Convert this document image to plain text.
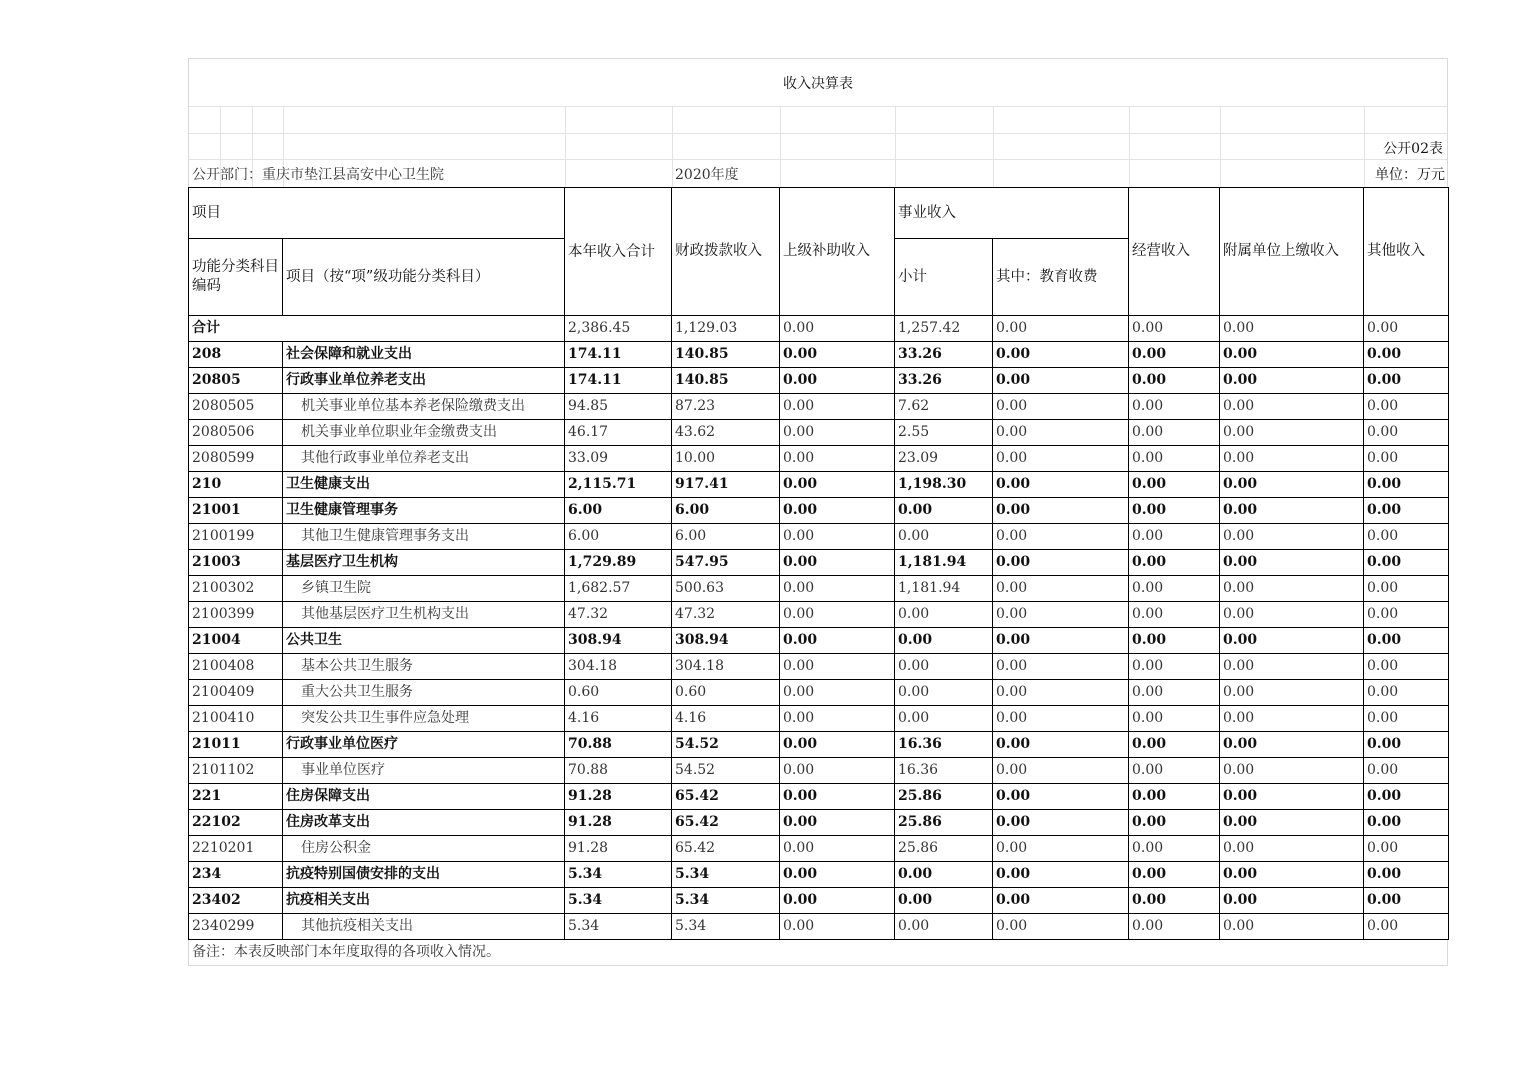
收入决算表
公开02表
公开部门：重庆市垫江县高安中心卫生院	2020年度	单位：万元
项目		本年收入合计	财政拨款收入	上级补助收入	事业收入		经营收入	附属单位上缴收入	其他收入
功能分类科目编码	项目（按“项”级功能分类科目）							
					小计	其中：教育收费			
合计		2,386.45	1,129.03	0.00	1,257.42	0.00	0.00	0.00	0.00
208	社会保障和就业支出	174.11	140.85	0.00	33.26	0.00	0.00	0.00	0.00
20805	行政事业单位养老支出	174.11	140.85	0.00	33.26	0.00	0.00	0.00	0.00
2080505	机关事业单位基本养老保险缴费支出	94.85	87.23	0.00	7.62	0.00	0.00	0.00	0.00
2080506	机关事业单位职业年金缴费支出	46.17	43.62	0.00	2.55	0.00	0.00	0.00	0.00
2080599	其他行政事业单位养老支出	33.09	10.00	0.00	23.09	0.00	0.00	0.00	0.00
210	卫生健康支出	2,115.71	917.41	0.00	1,198.30	0.00	0.00	0.00	0.00
21001	卫生健康管理事务	6.00	6.00	0.00	0.00	0.00	0.00	0.00	0.00
2100199	其他卫生健康管理事务支出	6.00	6.00	0.00	0.00	0.00	0.00	0.00	0.00
21003	基层医疗卫生机构	1,729.89	547.95	0.00	1,181.94	0.00	0.00	0.00	0.00
2100302	乡镇卫生院	1,682.57	500.63	0.00	1,181.94	0.00	0.00	0.00	0.00
2100399	其他基层医疗卫生机构支出	47.32	47.32	0.00	0.00	0.00	0.00	0.00	0.00
21004	公共卫生	308.94	308.94	0.00	0.00	0.00	0.00	0.00	0.00
2100408	基本公共卫生服务	304.18	304.18	0.00	0.00	0.00	0.00	0.00	0.00
2100409	重大公共卫生服务	0.60	0.60	0.00	0.00	0.00	0.00	0.00	0.00
2100410	突发公共卫生事件应急处理	4.16	4.16	0.00	0.00	0.00	0.00	0.00	0.00
21011	行政事业单位医疗	70.88	54.52	0.00	16.36	0.00	0.00	0.00	0.00
2101102	事业单位医疗	70.88	54.52	0.00	16.36	0.00	0.00	0.00	0.00
221	住房保障支出	91.28	65.42	0.00	25.86	0.00	0.00	0.00	0.00
22102	住房改革支出	91.28	65.42	0.00	25.86	0.00	0.00	0.00	0.00
2210201	住房公积金	91.28	65.42	0.00	25.86	0.00	0.00	0.00	0.00
234	抗疫特别国债安排的支出	5.34	5.34	0.00	0.00	0.00	0.00	0.00	0.00
23402	抗疫相关支出	5.34	5.34	0.00	0.00	0.00	0.00	0.00	0.00
2340299	其他抗疫相关支出	5.34	5.34	0.00	0.00	0.00	0.00	0.00	0.00
备注：本表反映部门本年度取得的各项收入情况。
